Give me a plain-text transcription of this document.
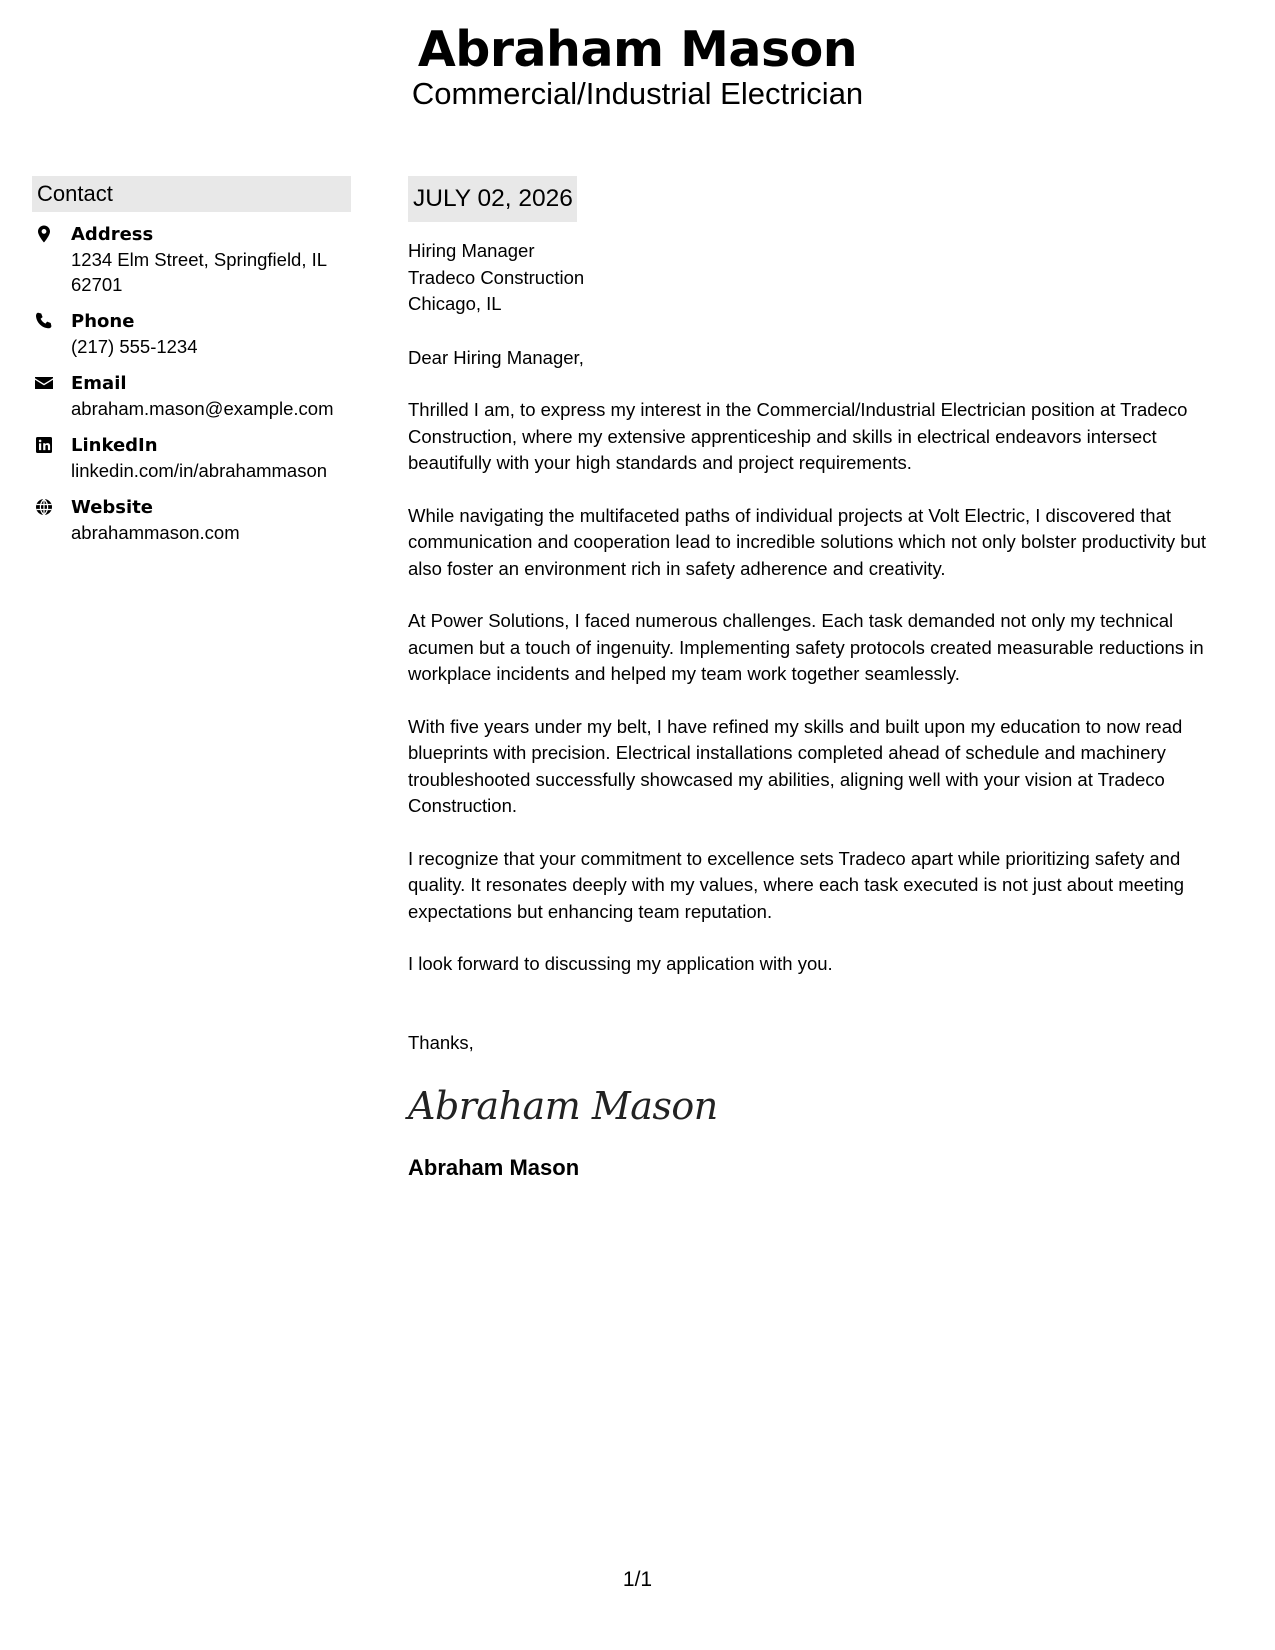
Abraham Mason
Commercial/Industrial Electrician
Contact
Address
1234 Elm Street, Springfield, IL 62701
Phone
(217) 555-1234
Email
abraham.mason@example.com
LinkedIn
linkedin.com/in/abrahammason
Website
abrahammason.com
JULY 02, 2026
Hiring Manager
Tradeco Construction
Chicago, IL
Dear Hiring Manager,
Thrilled I am, to express my interest in the Commercial/Industrial Electrician position at Tradeco Construction, where my extensive apprenticeship and skills in electrical endeavors intersect beautifully with your high standards and project requirements.
While navigating the multifaceted paths of individual projects at Volt Electric, I discovered that communication and cooperation lead to incredible solutions which not only bolster productivity but also foster an environment rich in safety adherence and creativity.
At Power Solutions, I faced numerous challenges. Each task demanded not only my technical acumen but a touch of ingenuity. Implementing safety protocols created measurable reductions in workplace incidents and helped my team work together seamlessly.
With five years under my belt, I have refined my skills and built upon my education to now read blueprints with precision. Electrical installations completed ahead of schedule and machinery troubleshooted successfully showcased my abilities, aligning well with your vision at Tradeco Construction.
I recognize that your commitment to excellence sets Tradeco apart while prioritizing safety and quality. It resonates deeply with my values, where each task executed is not just about meeting expectations but enhancing team reputation.
I look forward to discussing my application with you.
Thanks,
Abraham Mason
Abraham Mason
1/1
